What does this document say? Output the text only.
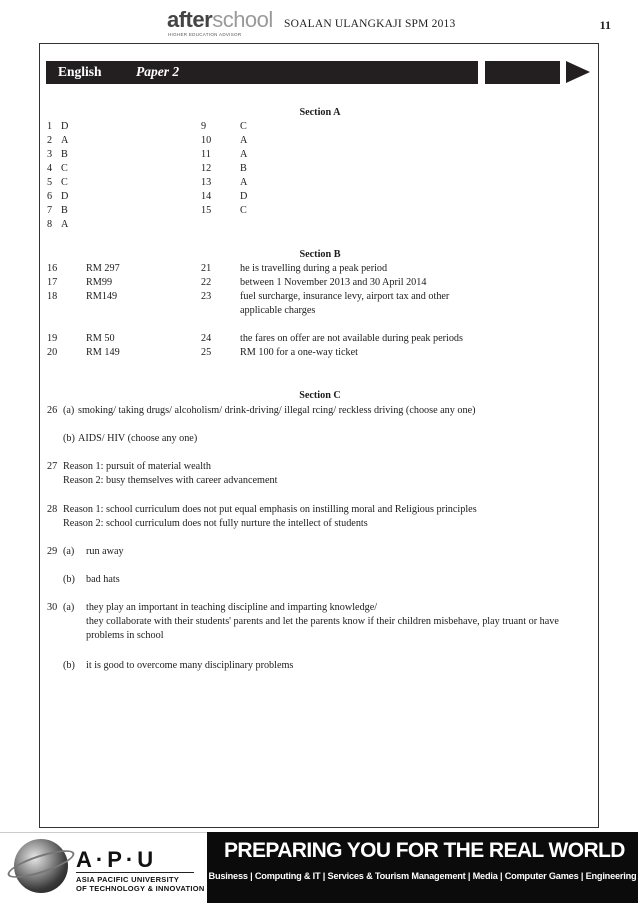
afterschool
HIGHER EDUCATION ADVISOR
SOALAN ULANGKAJI SPM 2013	11
English	Paper 2
Section A
1 D
2 A
3 B
4 C
5 C
6 D
7 B
8 A
9	C
10	A
11	A
12	B
13	A
14	D
15	C
Section B
16	RM 297	21	he is travelling during a peak period
17	RM99	22	between 1 November 2013 and 30 April 2014
18	RM149	23	fuel surcharge, insurance levy, airport tax and other
applicable charges
19	RM 50	24	the fares on offer are not available during peak periods
20	RM 149	25	RM 100 for a one-way ticket
Section C
26 (a) smoking/ taking drugs/ alcoholism/ drink-driving/ illegal rcing/ reckless driving (choose any one)
(b) AIDS/ HIV (choose any one)
27 Reason 1: pursuit of material wealth
Reason 2: busy themselves with career advancement
28 Reason 1: school curriculum does not put equal emphasis on instilling moral and Religious principles
Reason 2: school curriculum does not fully nurture the intellect of students
29 (a) run away
(b) bad hats
30 (a) they play an important in teaching discipline and imparting knowledge/
they collaborate with their students' parents and let the parents know if their children misbehave, play truant or have
problems in school
(b) it is good to overcome many disciplinary problems
A·P·U
ASIA PACIFIC UNIVERSITY
OF TECHNOLOGY & INNOVATION
PREPARING YOU FOR THE REAL WORLD
Business | Computing & IT | Services & Tourism Management | Media | Computer Games | Engineering
